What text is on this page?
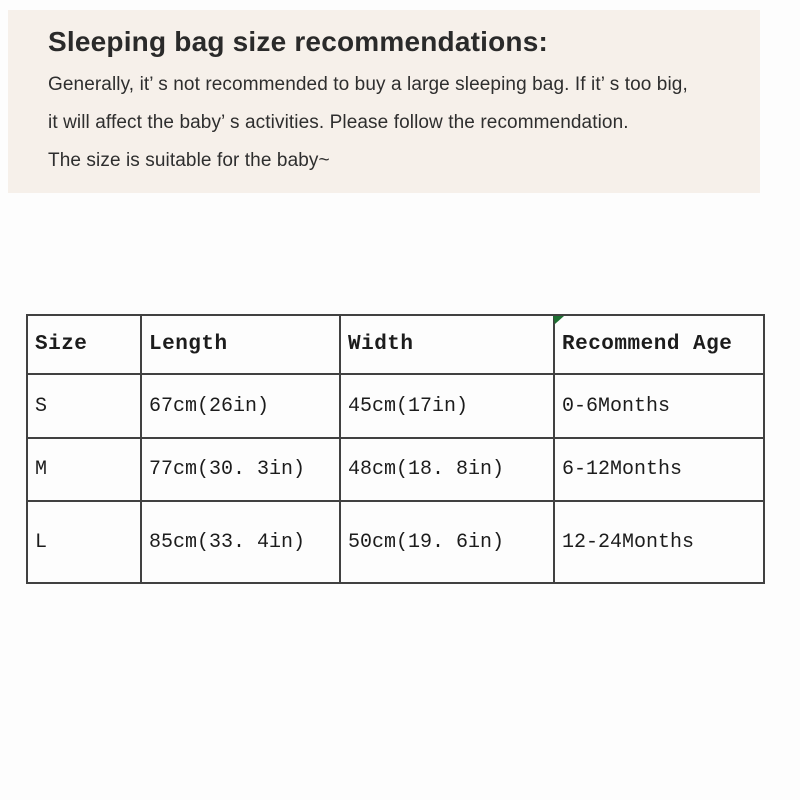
Sleeping bag size recommendations:

Generally, it’ s not recommended to buy a large sleeping bag. If it’ s too big,

it will affect the baby’ s activities. Please follow the recommendation.

The size is suitable for the baby~

Size	Length	Width	Recommend Age
S	67cm(26in)	45cm(17in)	0-6Months
M	77cm(30. 3in)	48cm(18. 8in)	6-12Months
L	85cm(33. 4in)	50cm(19. 6in)	12-24Months
